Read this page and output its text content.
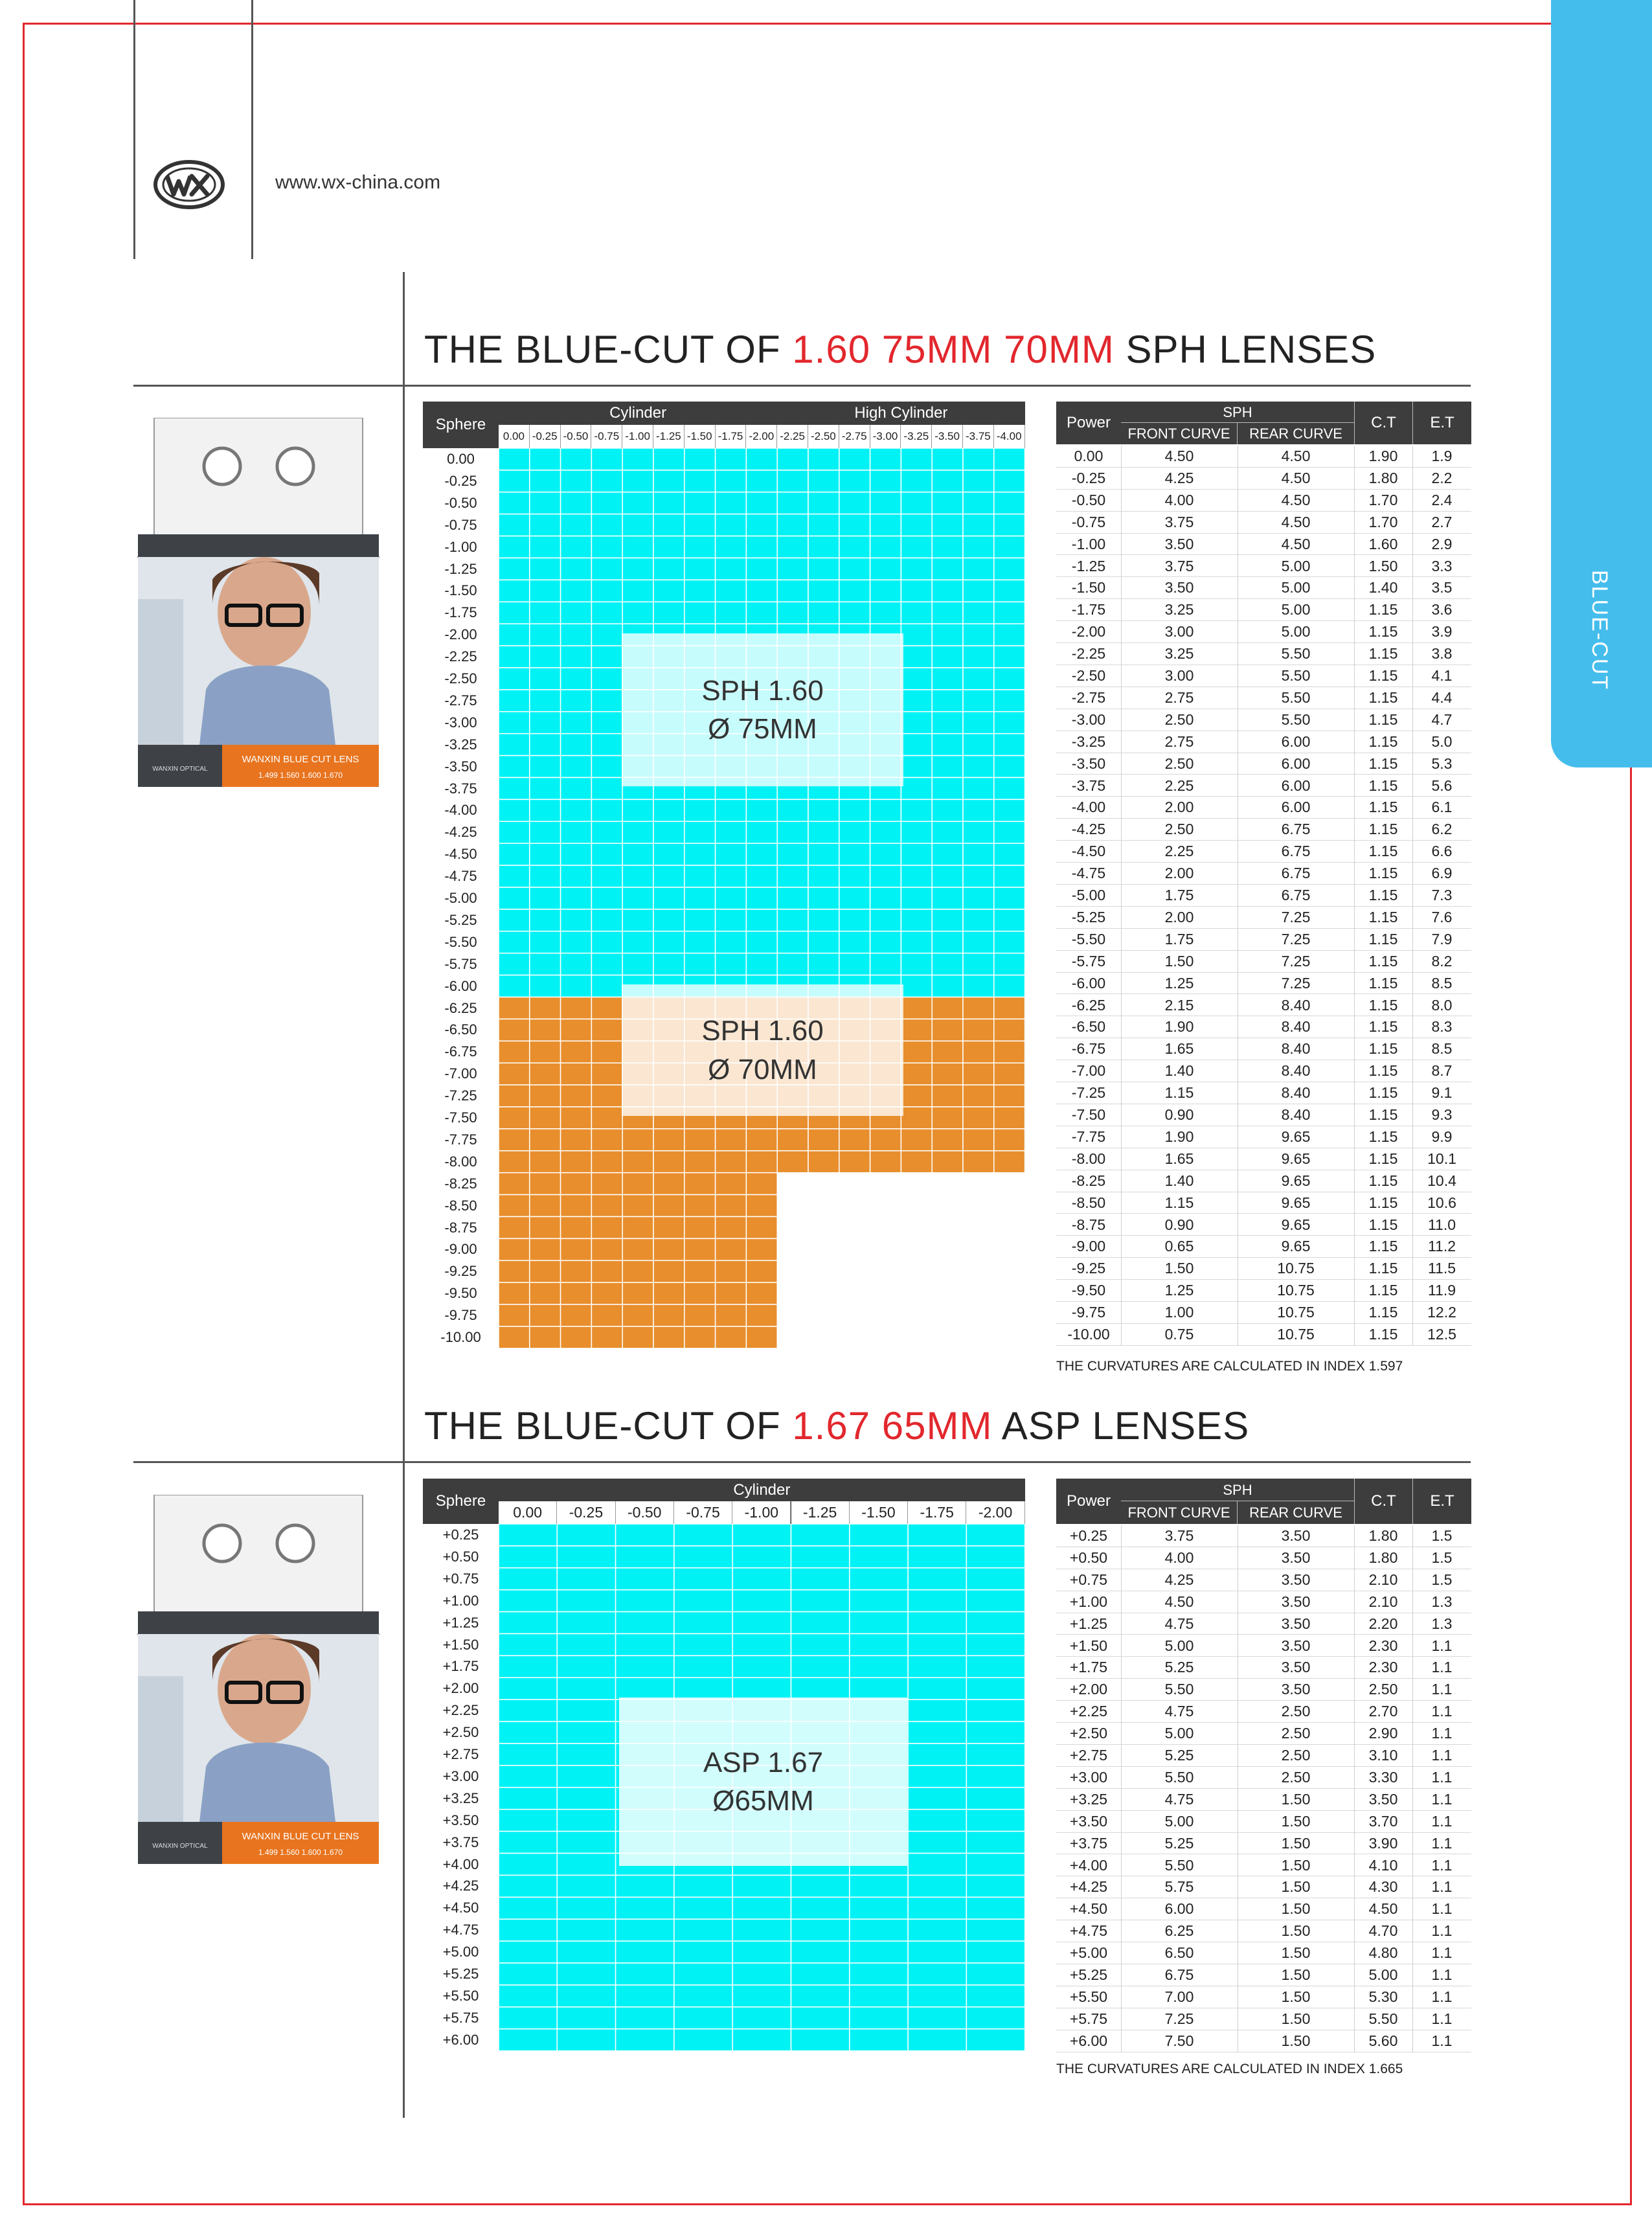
www.wx-china.com
BLUE-CUT
THE BLUE-CUT OF 1.60 75MM 70MM SPH LENSES
THE BLUE-CUT OF 1.67 65MM ASP LENSES
WANXIN BLUE CUT LENS
WANXIN OPTICAL
1.499 1.560 1.600 1.670
WANXIN BLUE CUT LENS
WANXIN OPTICAL
1.499 1.560 1.600 1.670
Sphere
Cylinder	High Cylinder
0.00 -0.25 -0.50 -0.75 -1.00 -1.25 -1.50 -1.75 -2.00 -2.25 -2.50 -2.75 -3.00 -3.25 -3.50 -3.75 -4.00
0.00
-0.25
-0.50
-0.75
-1.00
-1.25
-1.50
-1.75
-2.00
-2.25
-2.50
-2.75
-3.00
-3.25
-3.50
-3.75
-4.00
-4.25
-4.50
-4.75
-5.00
-5.25
-5.50
-5.75
-6.00
-6.25
-6.50
-6.75
-7.00
-7.25
-7.50
-7.75
-8.00
-8.25
-8.50
-8.75
-9.00
-9.25
-9.50
-9.75
-10.00
SPH 1.60
Ø 75MM
SPH 1.60
Ø 70MM
Power
SPH
FRONT CURVE	REAR CURVE
C.T	E.T
0.00	4.50	4.50	1.90	1.9
-0.25	4.25	4.50	1.80	2.2
-0.50	4.00	4.50	1.70	2.4
-0.75	3.75	4.50	1.70	2.7
-1.00	3.50	4.50	1.60	2.9
-1.25	3.75	5.00	1.50	3.3
-1.50	3.50	5.00	1.40	3.5
-1.75	3.25	5.00	1.15	3.6
-2.00	3.00	5.00	1.15	3.9
-2.25	3.25	5.50	1.15	3.8
-2.50	3.00	5.50	1.15	4.1
-2.75	2.75	5.50	1.15	4.4
-3.00	2.50	5.50	1.15	4.7
-3.25	2.75	6.00	1.15	5.0
-3.50	2.50	6.00	1.15	5.3
-3.75	2.25	6.00	1.15	5.6
-4.00	2.00	6.00	1.15	6.1
-4.25	2.50	6.75	1.15	6.2
-4.50	2.25	6.75	1.15	6.6
-4.75	2.00	6.75	1.15	6.9
-5.00	1.75	6.75	1.15	7.3
-5.25	2.00	7.25	1.15	7.6
-5.50	1.75	7.25	1.15	7.9
-5.75	1.50	7.25	1.15	8.2
-6.00	1.25	7.25	1.15	8.5
-6.25	2.15	8.40	1.15	8.0
-6.50	1.90	8.40	1.15	8.3
-6.75	1.65	8.40	1.15	8.5
-7.00	1.40	8.40	1.15	8.7
-7.25	1.15	8.40	1.15	9.1
-7.50	0.90	8.40	1.15	9.3
-7.75	1.90	9.65	1.15	9.9
-8.00	1.65	9.65	1.15	10.1
-8.25	1.40	9.65	1.15	10.4
-8.50	1.15	9.65	1.15	10.6
-8.75	0.90	9.65	1.15	11.0
-9.00	0.65	9.65	1.15	11.2
-9.25	1.50	10.75	1.15	11.5
-9.50	1.25	10.75	1.15	11.9
-9.75	1.00	10.75	1.15	12.2
-10.00	0.75	10.75	1.15	12.5
THE CURVATURES ARE CALCULATED IN INDEX 1.597
Sphere
Cylinder
0.00	-0.25	-0.50	-0.75	-1.00	-1.25	-1.50	-1.75	-2.00
+0.25
+0.50
+0.75
+1.00
+1.25
+1.50
+1.75
+2.00
+2.25
+2.50
+2.75
+3.00
+3.25
+3.50
+3.75
+4.00
+4.25
+4.50
+4.75
+5.00
+5.25
+5.50
+5.75
+6.00
ASP 1.67
Ø65MM
Power
SPH
FRONT CURVE	REAR CURVE
C.T	E.T
+0.25	3.75	3.50	1.80	1.5
+0.50	4.00	3.50	1.80	1.5
+0.75	4.25	3.50	2.10	1.5
+1.00	4.50	3.50	2.10	1.3
+1.25	4.75	3.50	2.20	1.3
+1.50	5.00	3.50	2.30	1.1
+1.75	5.25	3.50	2.30	1.1
+2.00	5.50	3.50	2.50	1.1
+2.25	4.75	2.50	2.70	1.1
+2.50	5.00	2.50	2.90	1.1
+2.75	5.25	2.50	3.10	1.1
+3.00	5.50	2.50	3.30	1.1
+3.25	4.75	1.50	3.50	1.1
+3.50	5.00	1.50	3.70	1.1
+3.75	5.25	1.50	3.90	1.1
+4.00	5.50	1.50	4.10	1.1
+4.25	5.75	1.50	4.30	1.1
+4.50	6.00	1.50	4.50	1.1
+4.75	6.25	1.50	4.70	1.1
+5.00	6.50	1.50	4.80	1.1
+5.25	6.75	1.50	5.00	1.1
+5.50	7.00	1.50	5.30	1.1
+5.75	7.25	1.50	5.50	1.1
+6.00	7.50	1.50	5.60	1.1
THE CURVATURES ARE CALCULATED IN INDEX 1.665
